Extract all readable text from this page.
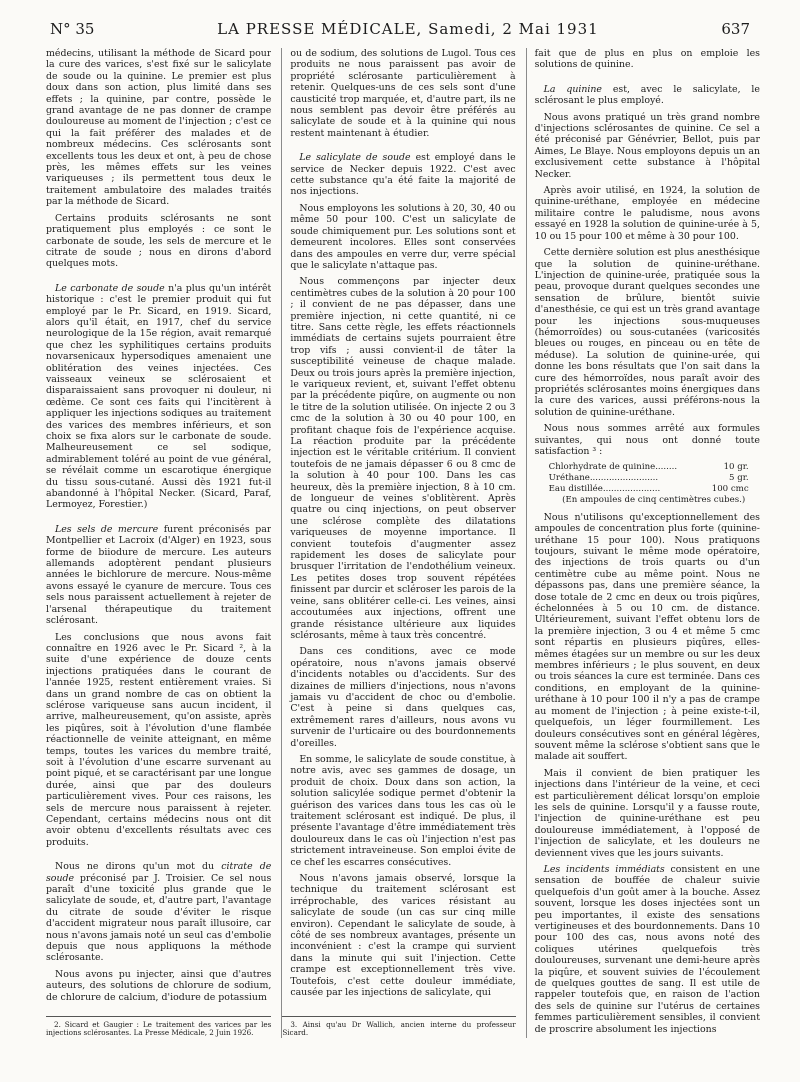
N° 35	LA PRESSE MÉDICALE, Samedi, 2 Mai 1931	637

médecins, utilisant la méthode de Sicard pour la cure des varices, s'est fixé sur le salicylate de soude ou la quinine. Le premier est plus doux dans son action, plus limité dans ses effets ; la quinine, par contre, possède le grand avantage de ne pas donner de crampe douloureuse au moment de l'injection ; c'est ce qui la fait préférer des malades et de nombreux médecins. Ces sclérosants sont excellents tous les deux et ont, à peu de chose près, les mêmes effets sur les veines variqueuses ; ils permettent tous deux le traitement ambulatoire des malades traités par la méthode de Sicard.

Certains produits sclérosants ne sont pratiquement plus employés : ce sont le carbonate de soude, les sels de mercure et le citrate de soude ; nous en dirons d'abord quelques mots.

Le carbonate de soude n'a plus qu'un intérêt historique : c'est le premier produit qui fut employé par le Pr. Sicard, en 1919. Sicard, alors qu'il était, en 1917, chef du service neurologique de la 15e région, avait remarqué que chez les syphilitiques certains produits novarsenicaux hypersodiques amenaient une oblitération des veines injectées. Ces vaisseaux veineux se sclérosaient et disparaissaient sans provoquer ni douleur, ni œdème. Ce sont ces faits qui l'incitèrent à appliquer les injections sodiques au traitement des varices des membres inférieurs, et son choix se fixa alors sur le carbonate de soude. Malheureusement ce sel sodique, admirablement toléré au point de vue général, se révélait comme un escarotique énergique du tissu sous-cutané. Aussi dès 1921 fut-il abandonné à l'hôpital Necker. (Sicard, Paraf, Lermoyez, Forestier.)

Les sels de mercure furent préconisés par Montpellier et Lacroix (d'Alger) en 1923, sous forme de biiodure de mercure. Les auteurs allemands adoptèrent pendant plusieurs années le bichlorure de mercure. Nous-même avons essayé le cyanure de mercure. Tous ces sels nous paraissent actuellement à rejeter de l'arsenal thérapeutique du traitement sclérosant.

Les conclusions que nous avons fait connaître en 1926 avec le Pr. Sicard ², à la suite d'une expérience de douze cents injections pratiquées dans le courant de l'année 1925, restent entièrement vraies. Si dans un grand nombre de cas on obtient la sclérose variqueuse sans aucun incident, il arrive, malheureusement, qu'on assiste, après les piqûres, soit à l'évolution d'une flambée réactionnelle de veinite atteignant, en même temps, toutes les varices du membre traité, soit à l'évolution d'une escarre survenant au point piqué, et se caractérisant par une longue durée, ainsi que par des douleurs particulièrement vives. Pour ces raisons, les sels de mercure nous paraissent à rejeter. Cependant, certains médecins nous ont dit avoir obtenu d'excellents résultats avec ces produits.

Nous ne dirons qu'un mot du citrate de soude préconisé par J. Troisier. Ce sel nous paraît d'une toxicité plus grande que le salicylate de soude, et, d'autre part, l'avantage du citrate de soude d'éviter le risque d'accident migrateur nous paraît illusoire, car nous n'avons jamais noté un seul cas d'embolie depuis que nous appliquons la méthode sclérosante.

Nous avons pu injecter, ainsi que d'autres auteurs, des solutions de chlorure de sodium, de chlorure de calcium, d'iodure de potassium

2. Sicard et Gaugier : Le traitement des varices par les injections sclérosantes. La Presse Médicale, 2 Juin 1926.

ou de sodium, des solutions de Lugol. Tous ces produits ne nous paraissent pas avoir de propriété sclérosante particulièrement à retenir. Quelques-uns de ces sels sont d'une causticité trop marquée, et, d'autre part, ils ne nous semblent pas devoir être préférés au salicylate de soude et à la quinine qui nous restent maintenant à étudier.

Le salicylate de soude est employé dans le service de Necker depuis 1922. C'est avec cette substance qu'a été faite la majorité de nos injections.

Nous employons les solutions à 20, 30, 40 ou même 50 pour 100. C'est un salicylate de soude chimiquement pur. Les solutions sont et demeurent incolores. Elles sont conservées dans des ampoules en verre dur, verre spécial que le salicylate n'attaque pas.

Nous commençons par injecter deux centimètres cubes de la solution à 20 pour 100 ; il convient de ne pas dépasser, dans une première injection, ni cette quantité, ni ce titre. Sans cette règle, les effets réactionnels immédiats de certains sujets pourraient être trop vifs ; aussi convient-il de tâter la susceptibilité veineuse de chaque malade. Deux ou trois jours après la première injection, le variqueux revient, et, suivant l'effet obtenu par la précédente piqûre, on augmente ou non le titre de la solution utilisée. On injecte 2 ou 3 cmc de la solution à 30 ou 40 pour 100, en profitant chaque fois de l'expérience acquise. La réaction produite par la précédente injection est le véritable critérium. Il convient toutefois de ne jamais dépasser 6 ou 8 cmc de la solution à 40 pour 100. Dans les cas heureux, dès la première injection, 8 à 10 cm. de longueur de veines s'oblitèrent. Après quatre ou cinq injections, on peut observer une sclérose complète des dilatations variqueuses de moyenne importance. Il convient toutefois d'augmenter assez rapidement les doses de salicylate pour brusquer l'irritation de l'endothélium veineux. Les petites doses trop souvent répétées finissent par durcir et scléroser les parois de la veine, sans oblitérer celle-ci. Les veines, ainsi accoutumées aux injections, offrent une grande résistance ultérieure aux liquides sclérosants, même à taux très concentré.

Dans ces conditions, avec ce mode opératoire, nous n'avons jamais observé d'incidents notables ou d'accidents. Sur des dizaines de milliers d'injections, nous n'avons jamais vu d'accident de choc ou d'embolie. C'est à peine si dans quelques cas, extrêmement rares d'ailleurs, nous avons vu survenir de l'urticaire ou des bourdonnements d'oreilles.

En somme, le salicylate de soude constitue, à notre avis, avec ses gammes de dosage, un produit de choix. Doux dans son action, la solution salicylée sodique permet d'obtenir la guérison des varices dans tous les cas où le traitement sclérosant est indiqué. De plus, il présente l'avantage d'être immédiatement très douloureux dans le cas où l'injection n'est pas strictement intraveineuse. Son emploi évite de ce chef les escarres consécutives.

Nous n'avons jamais observé, lorsque la technique du traitement sclérosant est irréprochable, des varices résistant au salicylate de soude (un cas sur cinq mille environ). Cependant le salicylate de soude, à côté de ses nombreux avantages, présente un inconvénient : c'est la crampe qui survient dans la minute qui suit l'injection. Cette crampe est exceptionnellement très vive. Toutefois, c'est cette douleur immédiate, causée par les injections de salicylate, qui

3. Ainsi qu'au Dr Wallich, ancien interne du professeur Sicard.

fait que de plus en plus on emploie les solutions de quinine.

La quinine est, avec le salicylate, le sclérosant le plus employé.

Nous avons pratiqué un très grand nombre d'injections sclérosantes de quinine. Ce sel a été préconisé par Génévrier, Bellot, puis par Aimes, Le Blaye. Nous employons depuis un an exclusivement cette substance à l'hôpital Necker.

Après avoir utilisé, en 1924, la solution de quinine-uréthane, employée en médecine militaire contre le paludisme, nous avons essayé en 1928 la solution de quinine-urée à 5, 10 ou 15 pour 100 et même à 30 pour 100.

Cette dernière solution est plus anesthésique que la solution de quinine-uréthane. L'injection de quinine-urée, pratiquée sous la peau, provoque durant quelques secondes une sensation de brûlure, bientôt suivie d'anesthésie, ce qui est un très grand avantage pour les injections sous-muqueuses (hémorroïdes) ou sous-cutanées (varicosités bleues ou rouges, en pinceau ou en tête de méduse). La solution de quinine-urée, qui donne les bons résultats que l'on sait dans la cure des hémorroïdes, nous paraît avoir des propriétés sclérosantes moins énergiques dans la cure des varices, aussi préférons-nous la solution de quinine-uréthane.

Nous nous sommes arrêté aux formules suivantes, qui nous ont donné toute satisfaction ³ :

Chlorhydrate de quinine........	10 gr.
Uréthane.........................	5 gr.
Eau distillée.....................	100 cmc
(En ampoules de cinq centimètres cubes.)

Nous n'utilisons qu'exceptionnellement des ampoules de concentration plus forte (quinine-uréthane 15 pour 100). Nous pratiquons toujours, suivant le même mode opératoire, des injections de trois quarts ou d'un centimètre cube au même point. Nous ne dépassons pas, dans une première séance, la dose totale de 2 cmc en deux ou trois piqûres, échelonnées à 5 ou 10 cm. de distance. Ultérieurement, suivant l'effet obtenu lors de la première injection, 3 ou 4 et même 5 cmc sont répartis en plusieurs piqûres, elles-mêmes étagées sur un membre ou sur les deux membres inférieurs ; le plus souvent, en deux ou trois séances la cure est terminée. Dans ces conditions, en employant de la quinine-uréthane à 10 pour 100 il n'y a pas de crampe au moment de l'injection ; à peine existe-t-il, quelquefois, un léger fourmillement. Les douleurs consécutives sont en général légères, souvent même la sclérose s'obtient sans que le malade ait souffert.

Mais il convient de bien pratiquer les injections dans l'intérieur de la veine, et ceci est particulièrement délicat lorsqu'on emploie les sels de quinine. Lorsqu'il y a fausse route, l'injection de quinine-uréthane est peu douloureuse immédiatement, à l'opposé de l'injection de salicylate, et les douleurs ne deviennent vives que les jours suivants.

Les incidents immédiats consistent en une sensation de bouffée de chaleur suivie quelquefois d'un goût amer à la bouche. Assez souvent, lorsque les doses injectées sont un peu importantes, il existe des sensations vertigineuses et des bourdonnements. Dans 10 pour 100 des cas, nous avons noté des coliques utérines quelquefois très douloureuses, survenant une demi-heure après la piqûre, et souvent suivies de l'écoulement de quelques gouttes de sang. Il est utile de rappeler toutefois que, en raison de l'action des sels de quinine sur l'utérus de certaines femmes particulièrement sensibles, il convient de proscrire absolument les injections
